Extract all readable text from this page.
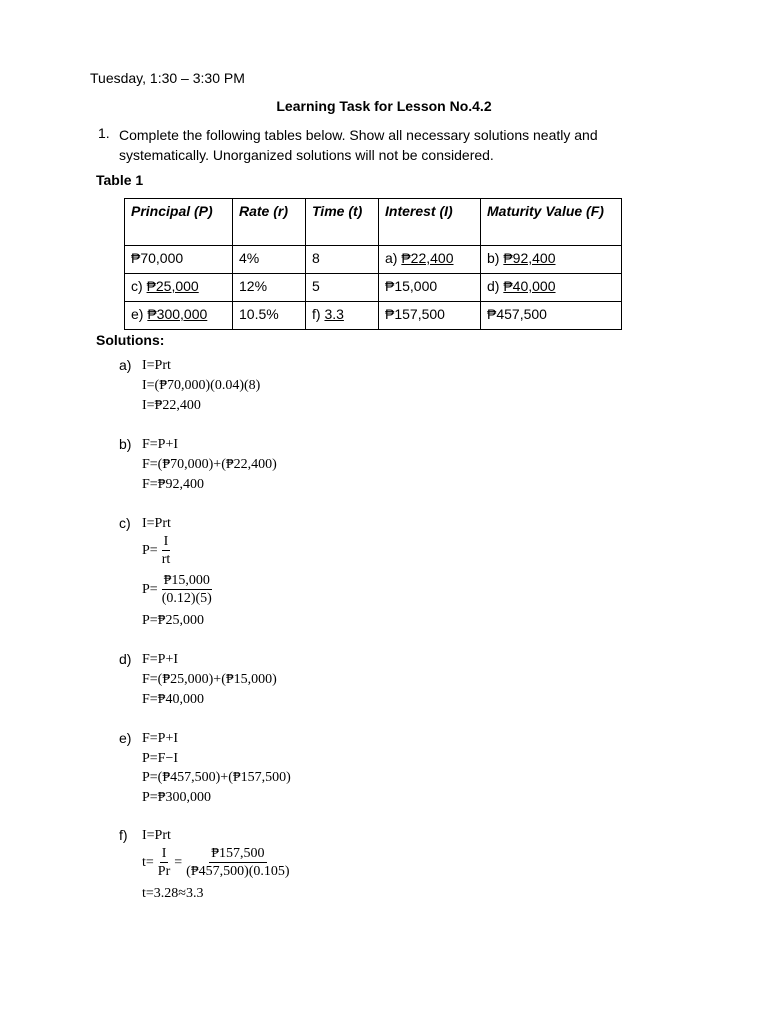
Tuesday, 1:30 – 3:30 PM
Learning Task for Lesson No.4.2
1. Complete the following tables below. Show all necessary solutions neatly and systematically. Unorganized solutions will not be considered.
Table 1
Principal (P)	Rate (r)	Time (t)	Interest (I)	Maturity Value (F)
₱70,000	4%	8	a) ₱22,400	b) ₱92,400
c) ₱25,000	12%	5	₱15,000	d) ₱40,000
e) ₱300,000	10.5%	f) 3.3	₱157,500	₱457,500
Solutions:
a) I=Prt
I=(₱70,000)(0.04)(8)
I=₱22,400
b) F=P+I
F=(₱70,000)+(₱22,400)
F=₱92,400
c) I=Prt
$P= \frac{I}{rt}$
$P= \frac{₱15,000}{(0.12)(5)}$
P=₱25,000
d) F=P+I
F=(₱25,000)+(₱15,000)
F=₱40,000
e) F=P+I
P=F−I
P=(₱457,500)+(₱157,500)
P=₱300,000
f) I=Prt
$t= \frac{I}{Pr} = \frac{₱157,500}{(₱457,500)(0.105)}$
t=3.28≈3.3
